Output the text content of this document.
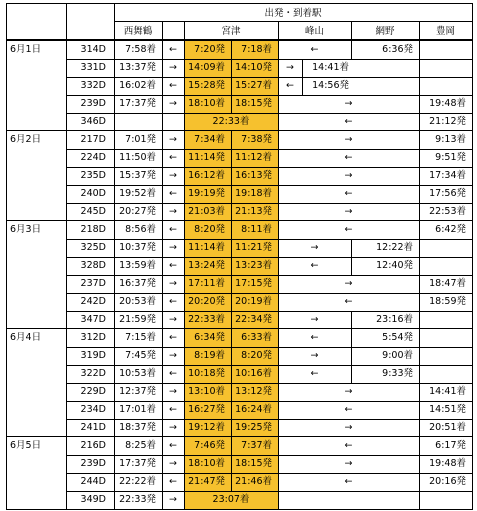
出発・到着駅
西舞鶴	宮津	峰山	網野	豊岡
6月1日	314D	7:58着	←	7:20発	7:18着	←	6:36発
331D	13:37発	→	14:09着	14:10発	→	14:41着
332D	16:02着	←	15:28発	15:27着	←	14:56発
239D	17:37発	→	18:10着	18:15発	→	19:48着
346D	22:33着	←	21:12発
6月2日	217D	7:01発	→	7:34着	7:38発	→	9:13着
224D	11:50着	←	11:14発	11:12着	←	9:51発
235D	15:37発	→	16:12着	16:13発	→	17:34着
240D	19:52着	←	19:19発	19:18着	←	17:56発
245D	20:27発	→	21:03着	21:13発	→	22:53着
6月3日	218D	8:56着	←	8:20発	8:11着	←	6:42発
325D	10:37発	→	11:14着	11:21発	→	12:22着
328D	13:59着	←	13:24発	13:23着	←	12:40発
237D	16:37発	→	17:11着	17:15発	→	18:47着
242D	20:53着	←	20:20発	20:19着	←	18:59発
347D	21:59発	→	22:33着	22:34発	→	23:16着
6月4日	312D	7:15着	←	6:34発	6:33着	←	5:54発
319D	7:45発	→	8:19着	8:20発	→	9:00着
322D	10:53着	←	10:18発	10:16着	←	9:33発
229D	12:37発	→	13:10着	13:12発	→	14:41着
234D	17:01着	←	16:27発	16:24着	←	14:51発
241D	18:37発	→	19:12着	19:25発	→	20:51着
6月5日	216D	8:25着	←	7:46発	7:37着	←	6:17発
239D	17:37発	→	18:10着	18:15発	→	19:48着
244D	22:22着	←	21:47発	21:46着	←	20:16発
349D	22:33発	→	23:07着
